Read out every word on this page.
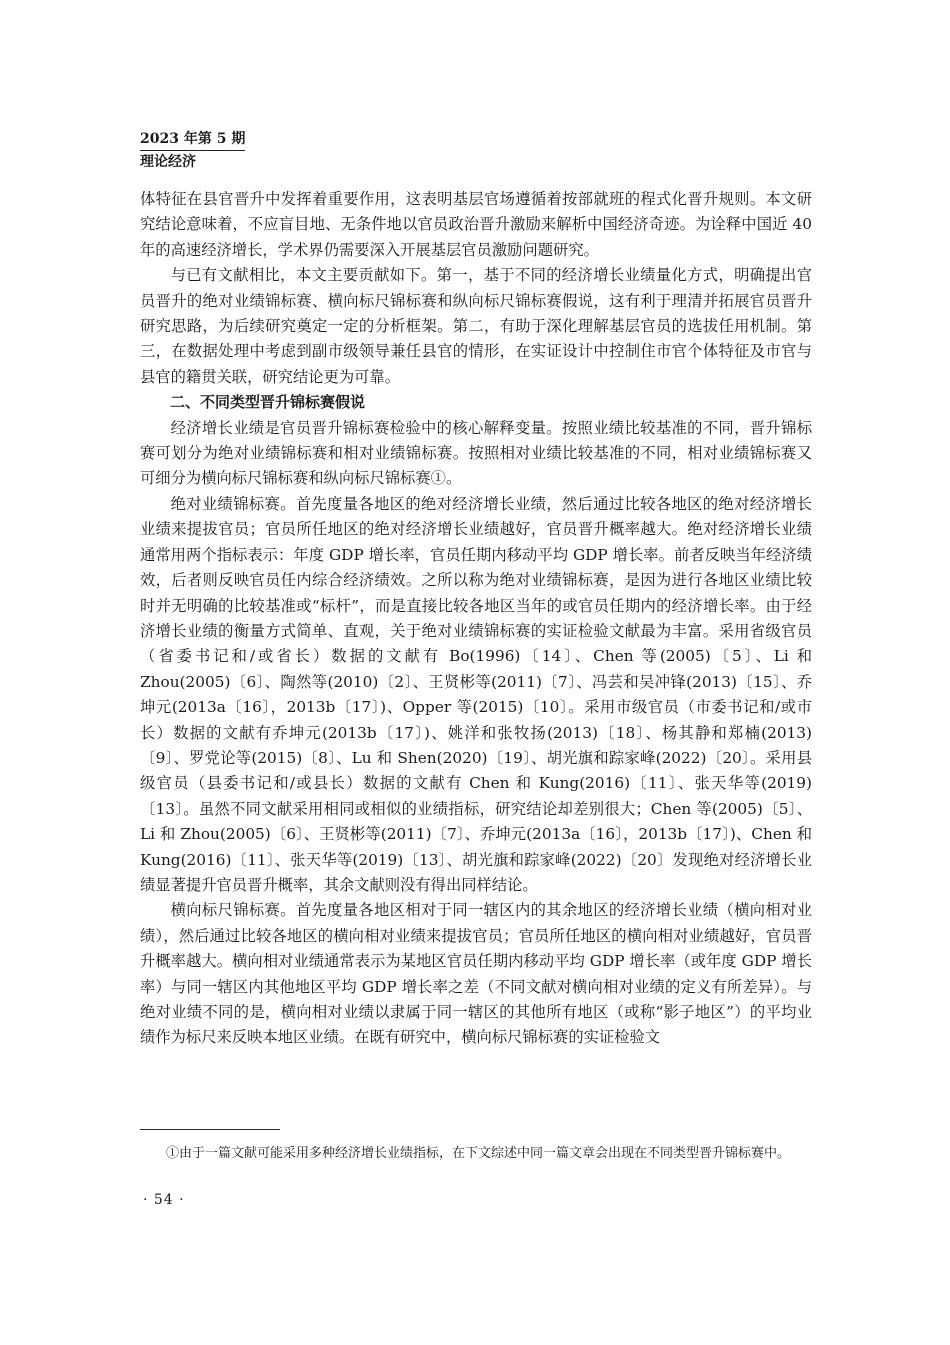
2023 年第 5 期
理论经济

体特征在县官晋升中发挥着重要作用，这表明基层官场遵循着按部就班的程式化晋升规则。本文研究结论意味着，不应盲目地、无条件地以官员政治晋升激励来解析中国经济奇迹。为诠释中国近 40 年的高速经济增长，学术界仍需要深入开展基层官员激励问题研究。

与已有文献相比，本文主要贡献如下。第一，基于不同的经济增长业绩量化方式，明确提出官员晋升的绝对业绩锦标赛、横向标尺锦标赛和纵向标尺锦标赛假说，这有利于理清并拓展官员晋升研究思路，为后续研究奠定一定的分析框架。第二，有助于深化理解基层官员的选拔任用机制。第三，在数据处理中考虑到副市级领导兼任县官的情形，在实证设计中控制住市官个体特征及市官与县官的籍贯关联，研究结论更为可靠。

二、不同类型晋升锦标赛假说

经济增长业绩是官员晋升锦标赛检验中的核心解释变量。按照业绩比较基准的不同，晋升锦标赛可划分为绝对业绩锦标赛和相对业绩锦标赛。按照相对业绩比较基准的不同，相对业绩锦标赛又可细分为横向标尺锦标赛和纵向标尺锦标赛①。

绝对业绩锦标赛。首先度量各地区的绝对经济增长业绩，然后通过比较各地区的绝对经济增长业绩来提拔官员；官员所任地区的绝对经济增长业绩越好，官员晋升概率越大。绝对经济增长业绩通常用两个指标表示：年度 GDP 增长率，官员任期内移动平均 GDP 增长率。前者反映当年经济绩效，后者则反映官员任内综合经济绩效。之所以称为绝对业绩锦标赛，是因为进行各地区业绩比较时并无明确的比较基准或“标杆”，而是直接比较各地区当年的或官员任期内的经济增长率。由于经济增长业绩的衡量方式简单、直观，关于绝对业绩锦标赛的实证检验文献最为丰富。采用省级官员（省委书记和/或省长）数据的文献有 Bo(1996)〔14〕、Chen 等(2005)〔5〕、Li 和 Zhou(2005)〔6〕、陶然等(2010)〔2〕、王贤彬等(2011)〔7〕、冯芸和吴冲锋(2013)〔15〕、乔坤元(2013a〔16〕，2013b〔17〕)、Opper 等(2015)〔10〕。采用市级官员（市委书记和/或市长）数据的文献有乔坤元(2013b〔17〕)、姚洋和张牧扬(2013)〔18〕、杨其静和郑楠(2013)〔9〕、罗党论等(2015)〔8〕、Lu 和 Shen(2020)〔19〕、胡光旗和踪家峰(2022)〔20〕。采用县级官员（县委书记和/或县长）数据的文献有 Chen 和 Kung(2016)〔11〕、张天华等(2019)〔13〕。虽然不同文献采用相同或相似的业绩指标，研究结论却差别很大；Chen 等(2005)〔5〕、Li 和 Zhou(2005)〔6〕、王贤彬等(2011)〔7〕、乔坤元(2013a〔16〕，2013b〔17〕)、Chen 和 Kung(2016)〔11〕、张天华等(2019)〔13〕、胡光旗和踪家峰(2022)〔20〕发现绝对经济增长业绩显著提升官员晋升概率，其余文献则没有得出同样结论。

横向标尺锦标赛。首先度量各地区相对于同一辖区内的其余地区的经济增长业绩（横向相对业绩），然后通过比较各地区的横向相对业绩来提拔官员；官员所任地区的横向相对业绩越好，官员晋升概率越大。横向相对业绩通常表示为某地区官员任期内移动平均 GDP 增长率（或年度 GDP 增长率）与同一辖区内其他地区平均 GDP 增长率之差（不同文献对横向相对业绩的定义有所差异）。与绝对业绩不同的是，横向相对业绩以隶属于同一辖区的其他所有地区（或称“影子地区”）的平均业绩作为标尺来反映本地区业绩。在既有研究中，横向标尺锦标赛的实证检验文

①由于一篇文献可能采用多种经济增长业绩指标，在下文综述中同一篇文章会出现在不同类型晋升锦标赛中。
· 54 ·
